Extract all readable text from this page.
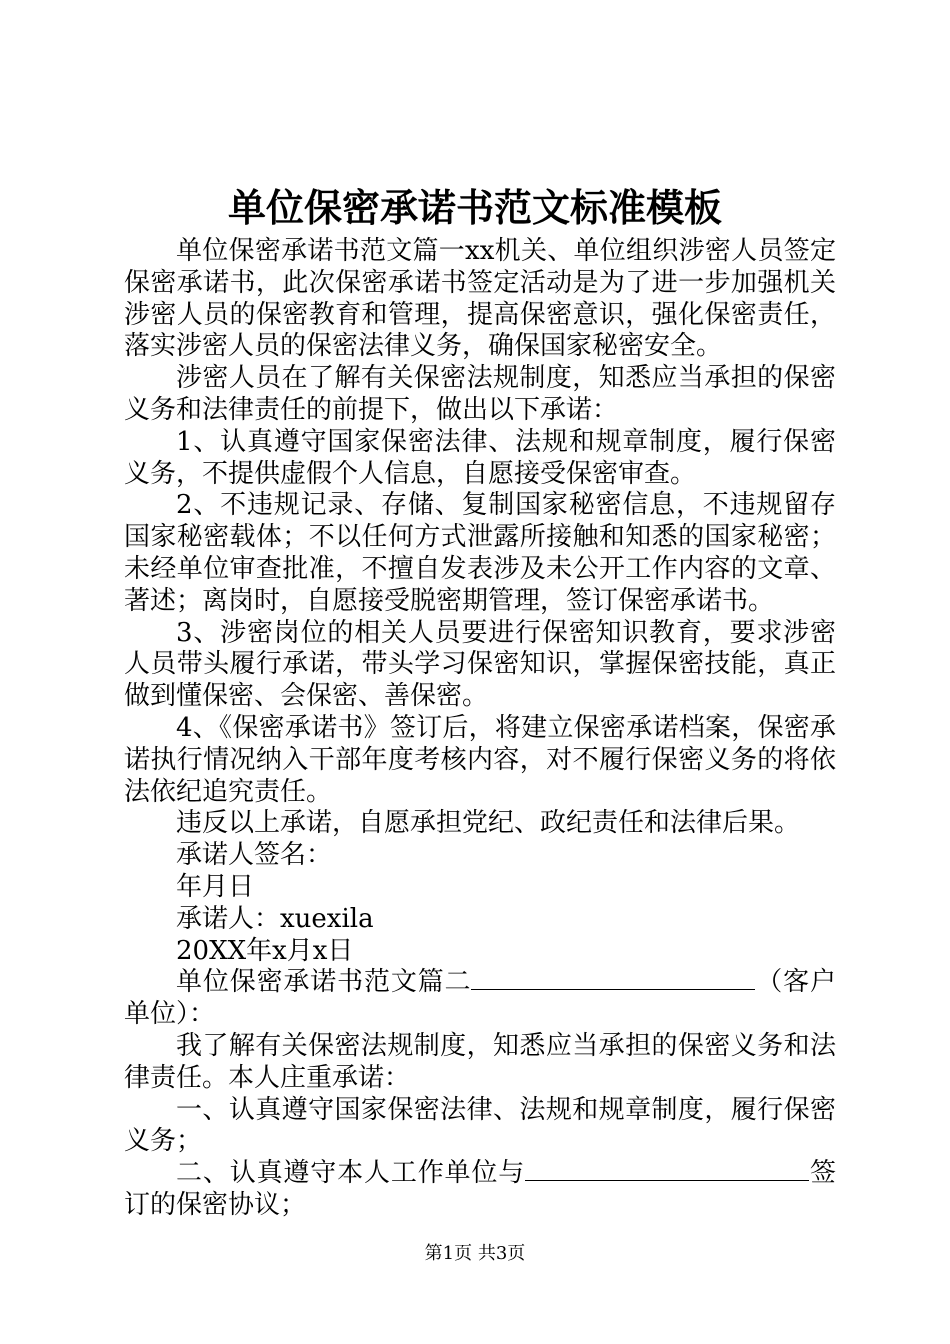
单位保密承诺书范文标准模板

单位保密承诺书范文篇一xx机关、单位组织涉密人员签定保密承诺书，此次保密承诺书签定活动是为了进一步加强机关涉密人员的保密教育和管理，提高保密意识，强化保密责任，落实涉密人员的保密法律义务，确保国家秘密安全。

涉密人员在了解有关保密法规制度，知悉应当承担的保密义务和法律责任的前提下，做出以下承诺：

1、认真遵守国家保密法律、法规和规章制度，履行保密义务，不提供虚假个人信息，自愿接受保密审查。

2、不违规记录、存储、复制国家秘密信息，不违规留存国家秘密载体；不以任何方式泄露所接触和知悉的国家秘密；未经单位审查批准，不擅自发表涉及未公开工作内容的文章、著述；离岗时，自愿接受脱密期管理，签订保密承诺书。

3、涉密岗位的相关人员要进行保密知识教育，要求涉密人员带头履行承诺，带头学习保密知识，掌握保密技能，真正做到懂保密、会保密、善保密。

4、《保密承诺书》签订后，将建立保密承诺档案，保密承诺执行情况纳入干部年度考核内容，对不履行保密义务的将依法依纪追究责任。

违反以上承诺，自愿承担党纪、政纪责任和法律后果。

承诺人签名：

年月日

承诺人：xuexila

20XX年x月x日

单位保密承诺书范文篇二	（客户单位）：

我了解有关保密法规制度，知悉应当承担的保密义务和法律责任。本人庄重承诺：

一、认真遵守国家保密法律、法规和规章制度，履行保密义务；

二、认真遵守本人工作单位与	签订的保密协议；

第1页 共3页
